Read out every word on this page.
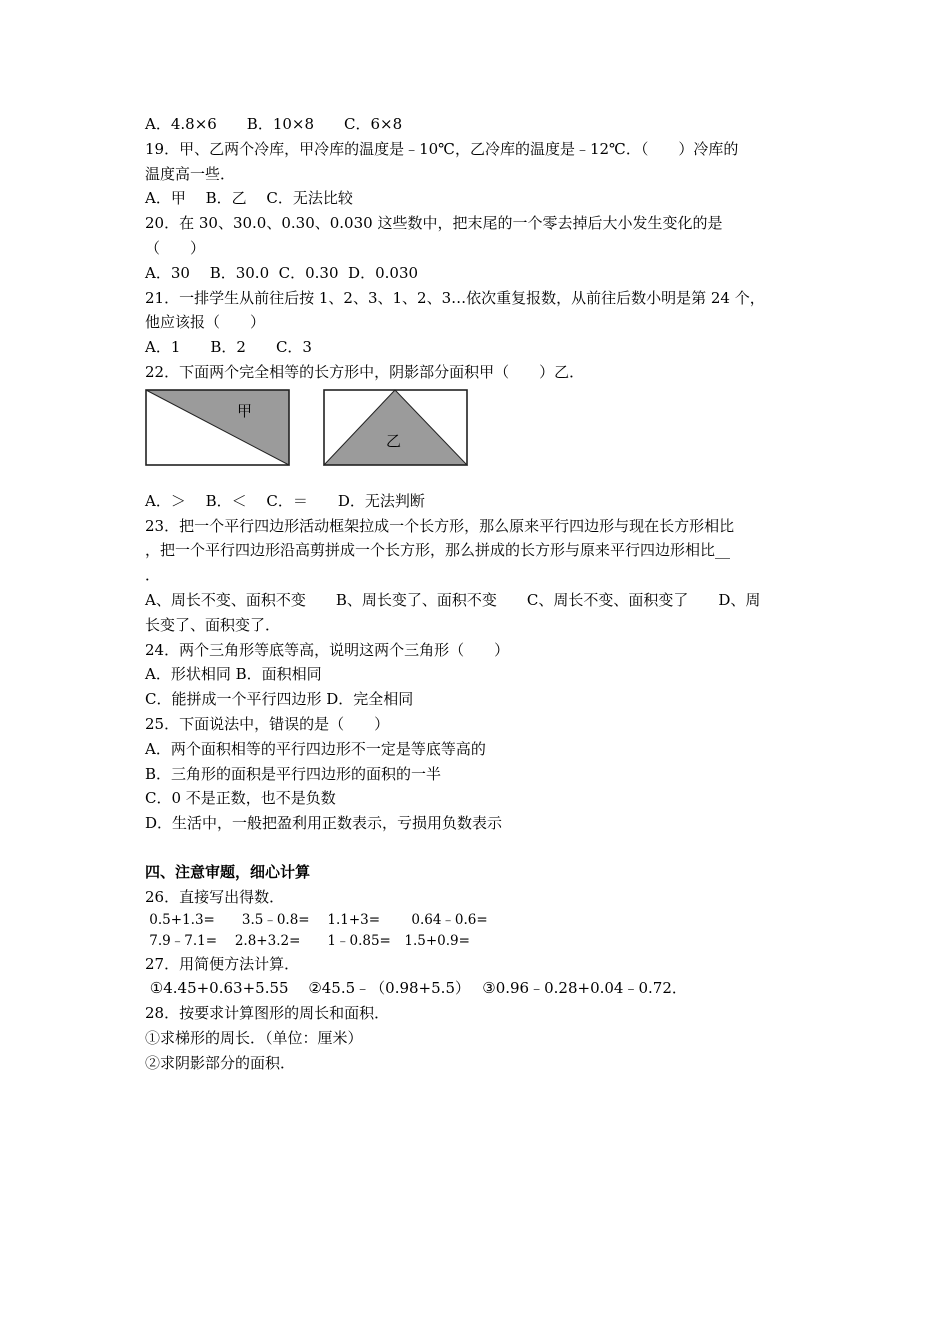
A．4.8×6　　B．10×8　　C．6×8

19．甲、乙两个冷库，甲冷库的温度是﹣10℃，乙冷库的温度是﹣12℃．（　　）冷库的

温度高一些．

A．甲　 B．乙　 C．无法比较

20．在 30、30.0、0.30、0.030 这些数中，把末尾的一个零去掉后大小发生变化的是

（　　）

A．30　 B．30.0  C．0.30  D．0.030

21．一排学生从前往后按 1、2、3、1、2、3…依次重复报数，从前往后数小明是第 24 个，

他应该报（　　）

A．1　　B．2　　C．3

22．下面两个完全相等的长方形中，阴影部分面积甲（　　）乙．

甲
乙

A．＞　 B．＜　 C．＝　　D．无法判断

23．把一个平行四边形活动框架拉成一个长方形，那么原来平行四边形与现在长方形相比

，把一个平行四边形沿高剪拼成一个长方形，那么拼成的长方形与原来平行四边形相比__

．

A、周长不变、面积不变　　B、周长变了、面积不变　　C、周长不变、面积变了　　D、周

长变了、面积变了．

24．两个三角形等底等高，说明这两个三角形（　　）

A．形状相同 B．面积相同

C．能拼成一个平行四边形 D．完全相同

25．下面说法中，错误的是（　　）

A．两个面积相等的平行四边形不一定是等底等高的

B．三角形的面积是平行四边形的面积的一半

C．0 不是正数，也不是负数

D．生活中，一般把盈利用正数表示，亏损用负数表示

四、注意审题，细心计算

26．直接写出得数．

0.5+1.3=　　3.5﹣0.8=　 1.1+3=　　 0.64﹣0.6=

7.9﹣7.1=　 2.8+3.2=　　1﹣0.85=　1.5+0.9=

27．用简便方法计算．

①4.45+0.63+5.55　 ②45.5﹣（0.98+5.5）　 ③0.96﹣0.28+0.04﹣0.72．

28．按要求计算图形的周长和面积．

①求梯形的周长．（单位：厘米）

②求阴影部分的面积．
